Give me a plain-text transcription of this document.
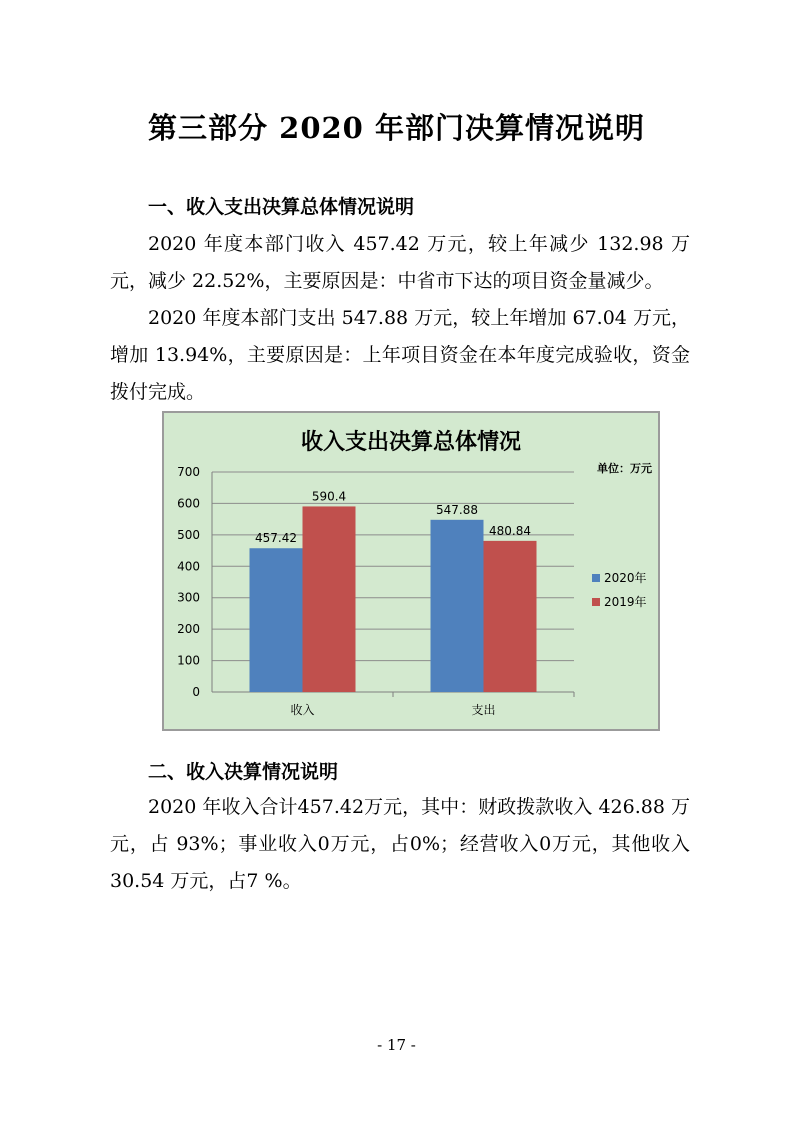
第三部分 2020 年部门决算情况说明
一、收入支出决算总体情况说明

2020 年度本部门收入 457.42 万元，较上年减少 132.98 万元，减少 22.52%，主要原因是：中省市下达的项目资金量减少。

2020 年度本部门支出 547.88 万元，较上年增加 67.04 万元，增加 13.94%，主要原因是：上年项目资金在本年度完成验收，资金拨付完成。

收入支出决算总体情况
单位：万元
0
100
200
300
400
500
600
700
457.42
590.4
收入
547.88
480.84
支出
2020年
2019年
二、收入决算情况说明

2020 年收入合计457.42万元，其中：财政拨款收入 426.88 万元，占 93%；事业收入0万元，占0%；经营收入0万元，其他收入 30.54 万元，占7 %。

- 17 -
